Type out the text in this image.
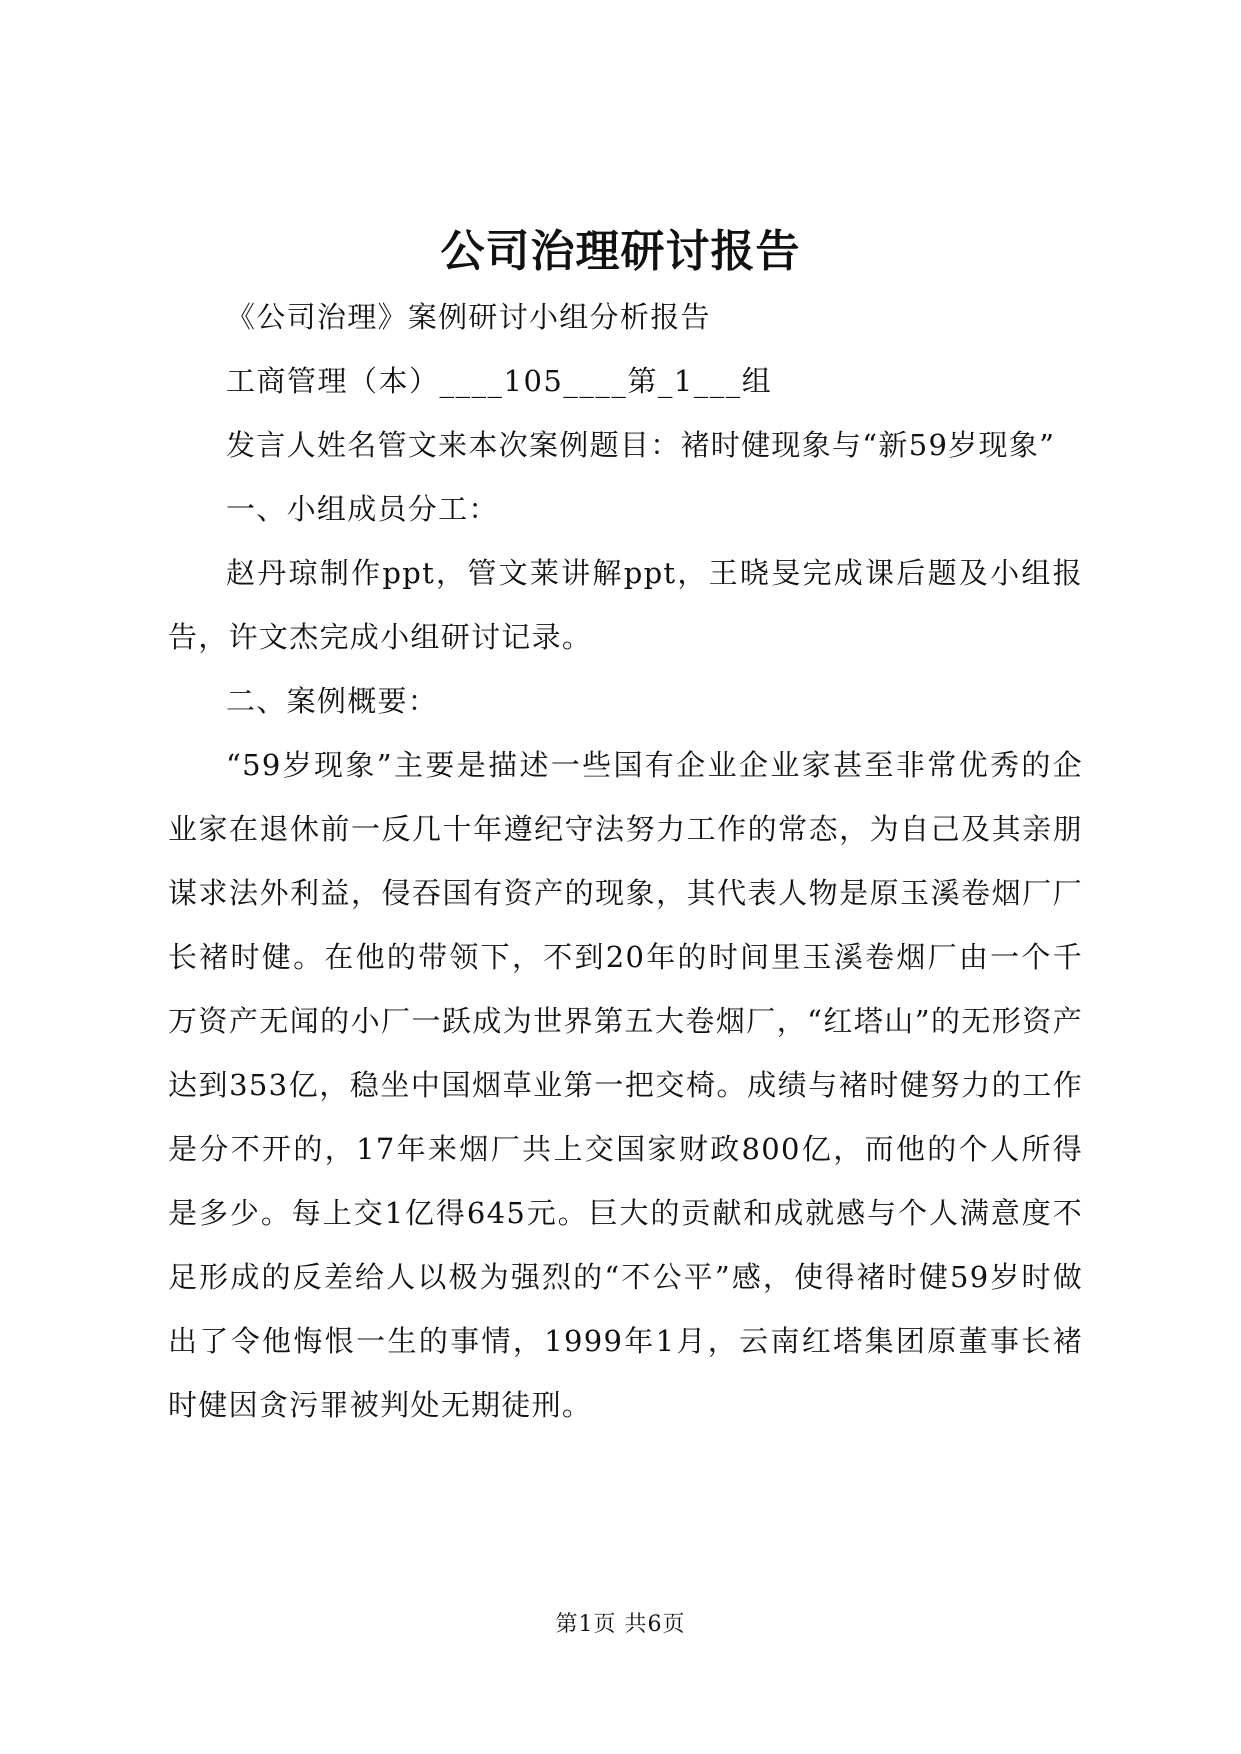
公司治理研讨报告

《公司治理》案例研讨小组分析报告

工商管理（本）____105____第_1___组

发言人姓名管文来本次案例题目：褚时健现象与“新59岁现象”

一、小组成员分工：

赵丹琼制作ppt，管文莱讲解ppt，王晓旻完成课后题及小组报告，许文杰完成小组研讨记录。

二、案例概要：

“59岁现象”主要是描述一些国有企业企业家甚至非常优秀的企业家在退休前一反几十年遵纪守法努力工作的常态，为自己及其亲朋谋求法外利益，侵吞国有资产的现象，其代表人物是原玉溪卷烟厂厂长褚时健。在他的带领下，不到20年的时间里玉溪卷烟厂由一个千万资产无闻的小厂一跃成为世界第五大卷烟厂，“红塔山”的无形资产达到353亿，稳坐中国烟草业第一把交椅。成绩与褚时健努力的工作是分不开的，17年来烟厂共上交国家财政800亿，而他的个人所得是多少。每上交1亿得645元。巨大的贡献和成就感与个人满意度不足形成的反差给人以极为强烈的“不公平”感，使得褚时健59岁时做出了令他悔恨一生的事情，1999年1月，云南红塔集团原董事长褚时健因贪污罪被判处无期徒刑。

第1页 共6页
